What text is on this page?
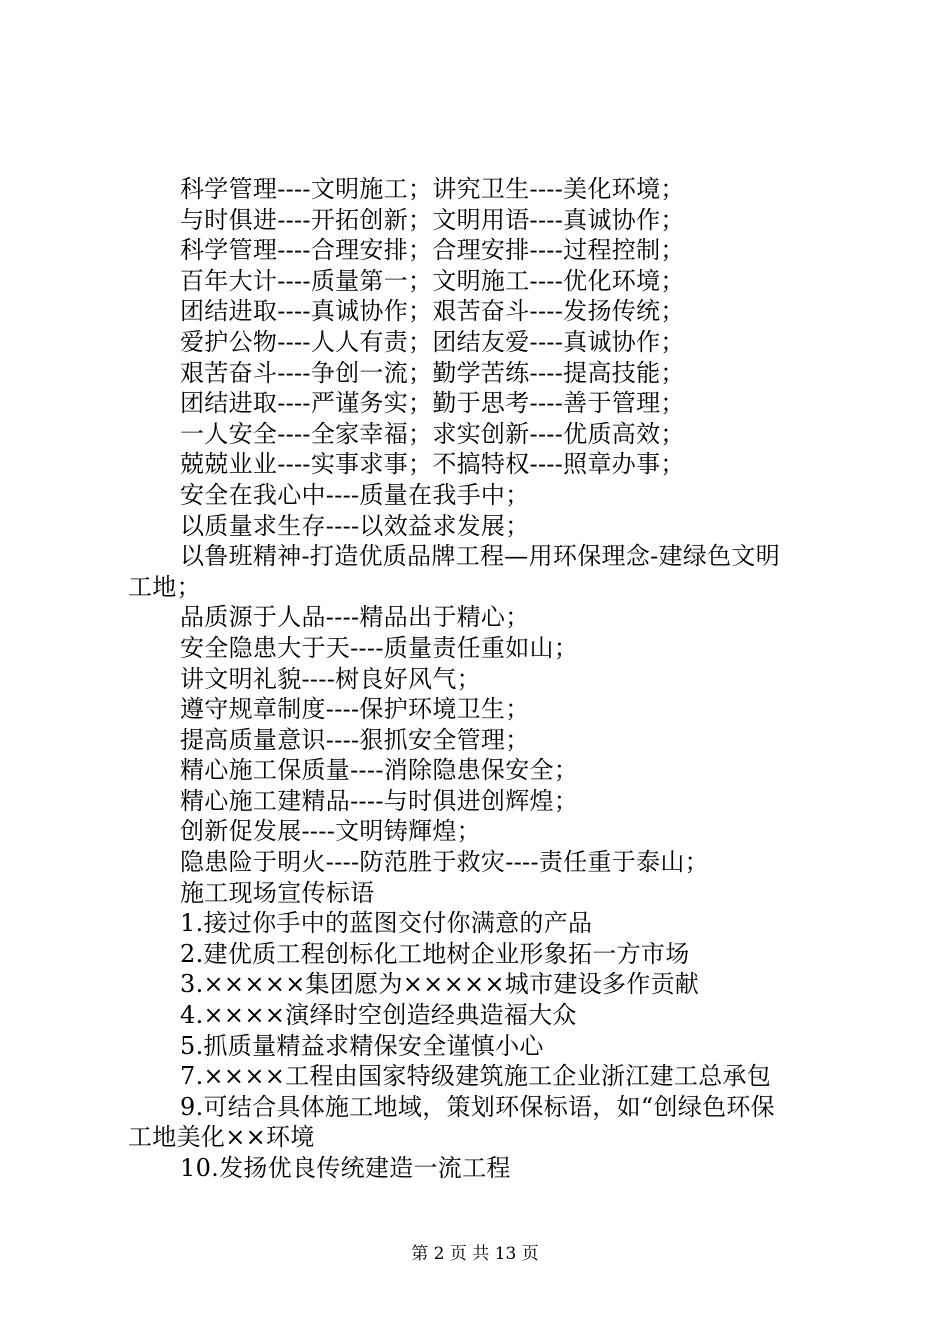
科学管理----文明施工；讲究卫生----美化环境；
与时俱进----开拓创新；文明用语----真诚协作；
科学管理----合理安排；合理安排----过程控制；
百年大计----质量第一；文明施工----优化环境；
团结进取----真诚协作；艰苦奋斗----发扬传统；
爱护公物----人人有责；团结友爱----真诚协作；
艰苦奋斗----争创一流；勤学苦练----提高技能；
团结进取----严谨务实；勤于思考----善于管理；
一人安全----全家幸福；求实创新----优质高效；
兢兢业业----实事求事；不搞特权----照章办事；
安全在我心中----质量在我手中；
以质量求生存----以效益求发展；
以鲁班精神-打造优质品牌工程—用环保理念-建绿色文明
工地；
品质源于人品----精品出于精心；
安全隐患大于天----质量责任重如山；
讲文明礼貌----树良好风气；
遵守规章制度----保护环境卫生；
提高质量意识----狠抓安全管理；
精心施工保质量----消除隐患保安全；
精心施工建精品----与时俱进创辉煌；
创新促发展----文明铸輝煌；
隐患险于明火----防范胜于救灾----责任重于泰山；
施工现场宣传标语
1.接过你手中的蓝图交付你满意的产品
2.建优质工程创标化工地树企业形象拓一方市场
3.×××××集团愿为×××××城市建设多作贡献
4.××××演绎时空创造经典造福大众
5.抓质量精益求精保安全谨慎小心
7.××××工程由国家特级建筑施工企业浙江建工总承包
9.可结合具体施工地域，策划环保标语，如“创绿色环保
工地美化××环境
10.发扬优良传统建造一流工程
第 2 页 共 13 页
